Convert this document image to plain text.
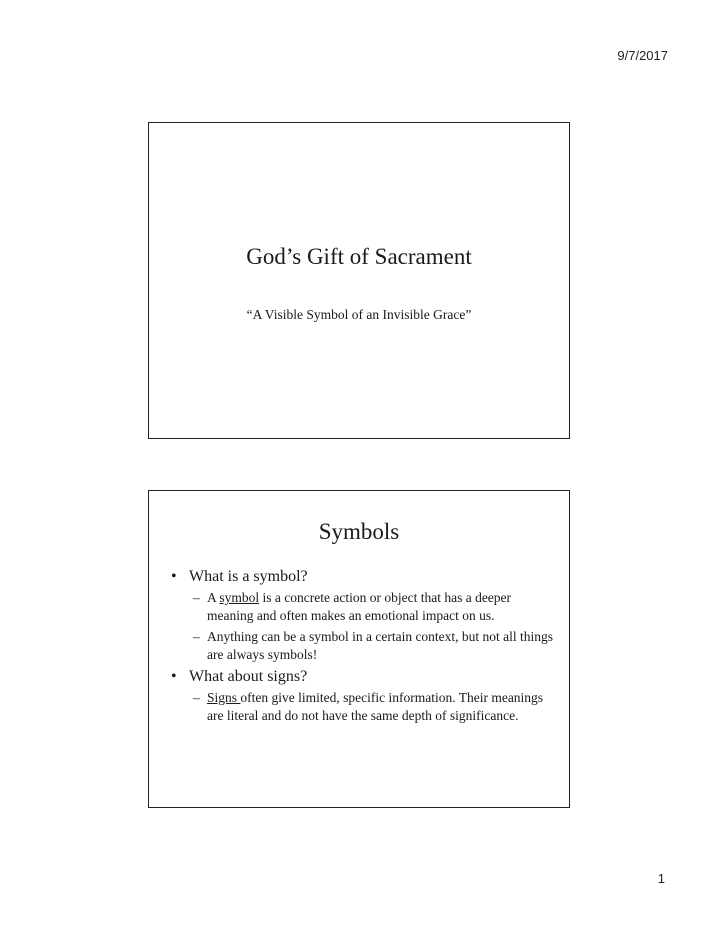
9/7/2017
God’s Gift of Sacrament
“A Visible Symbol of an Invisible Grace”
Symbols
• What is a symbol?
– A symbol is a concrete action or object that has a deeper meaning and often makes an emotional impact on us.
– Anything can be a symbol in a certain context, but not all things are always symbols!
• What about signs?
– Signs often give limited, specific information. Their meanings are literal and do not have the same depth of significance.
1
